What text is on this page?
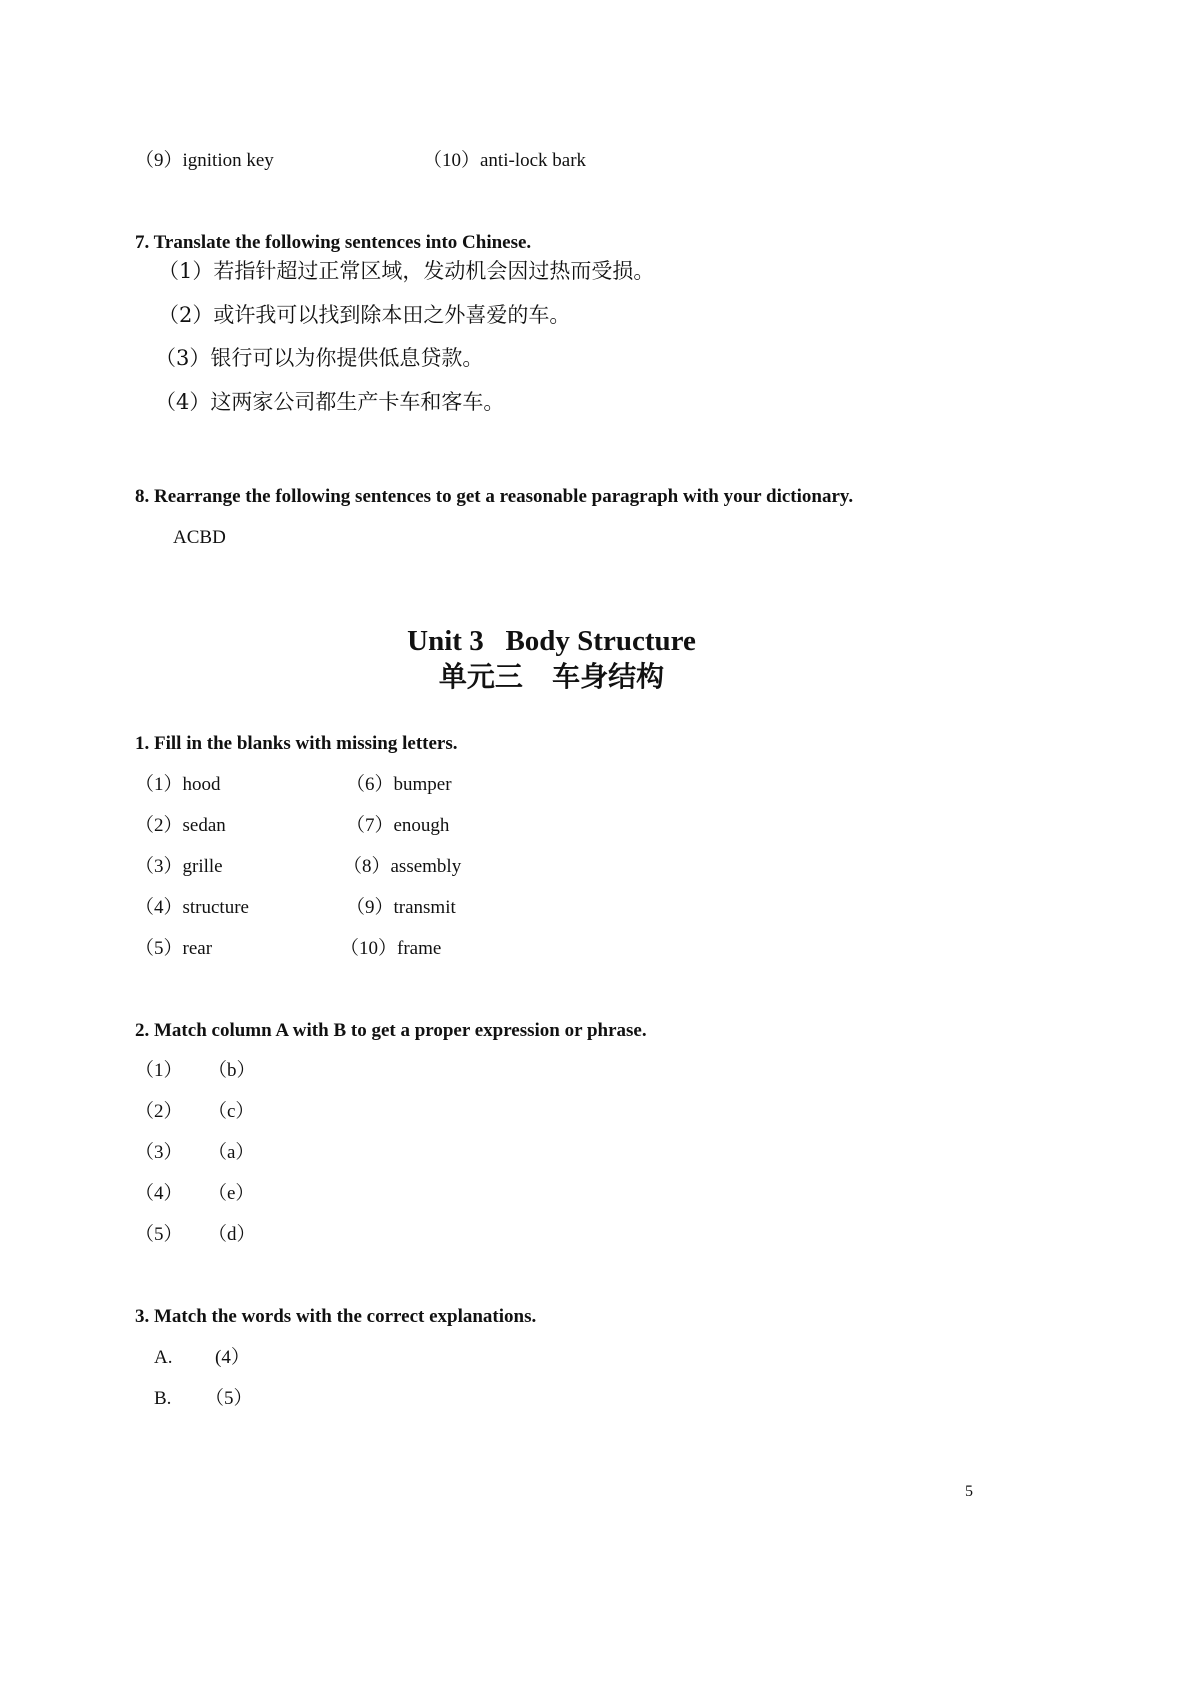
（9）ignition key	（10）anti-lock bark
7. Translate the following sentences into Chinese.
（1）若指针超过正常区域，发动机会因过热而受损。
（2）或许我可以找到除本田之外喜爱的车。
（3）银行可以为你提供低息贷款。
（4）这两家公司都生产卡车和客车。
8. Rearrange the following sentences to get a reasonable paragraph with your dictionary.
ACBD
Unit 3   Body Structure
单元三   车身结构
1. Fill in the blanks with missing letters.
（1）hood
（2）sedan
（3）grille
（4）structure
（5）rear
（6）bumper
（7）enough
（8）assembly
（9）transmit
（10）frame
2. Match column A with B to get a proper expression or phrase.
（1） （b）
（2） （c）
（3） （a）
（4） （e）
（5） （d）
3. Match the words with the correct explanations.
A. (4）
B. （5）
5
